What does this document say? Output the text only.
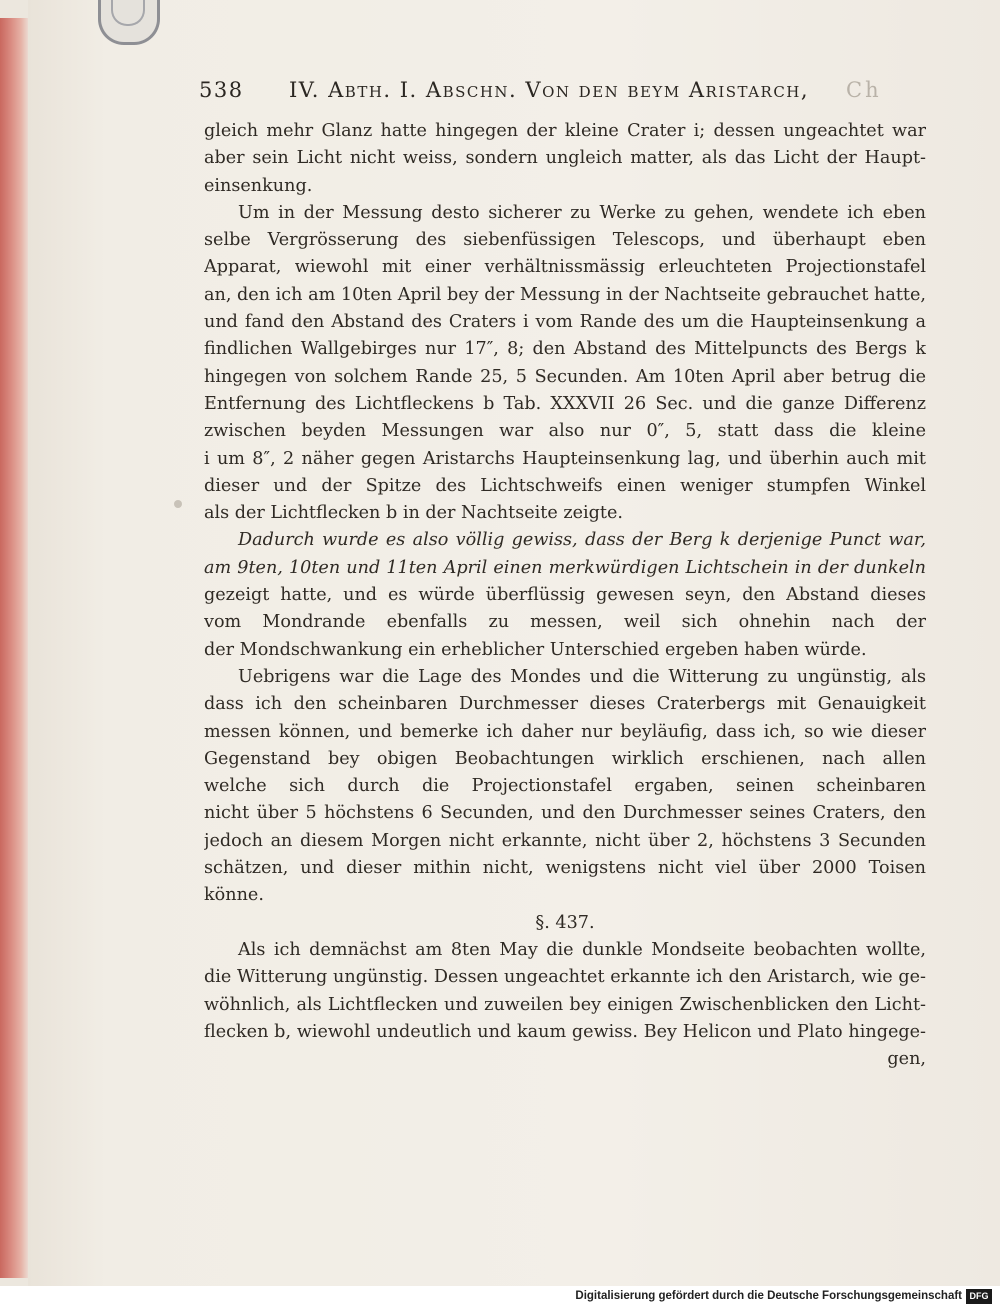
538 IV. Abth. I. Abschn. Von den beym Aristarch, Ch
gleich mehr Glanz hatte hingegen der kleine Crater i; dessen ungeachtet war
aber sein Licht nicht weiss, sondern ungleich matter, als das Licht der Haupt-
einsenkung.
Um in der Messung desto sicherer zu Werke zu gehen, wendete ich eben
selbe Vergrösserung des siebenfüssigen Telescops, und überhaupt eben
Apparat, wiewohl mit einer verhältnissmässig erleuchteten Projectionstafel
an, den ich am 10ten April bey der Messung in der Nachtseite gebrauchet hatte,
und fand den Abstand des Craters i vom Rande des um die Haupteinsenkung a
findlichen Wallgebirges nur 17″, 8; den Abstand des Mittelpuncts des Bergs k
hingegen von solchem Rande 25, 5 Secunden. Am 10ten April aber betrug die
Entfernung des Lichtfleckens b Tab. XXXVII 26 Sec. und die ganze Differenz
zwischen beyden Messungen war also nur 0″, 5, statt dass die kleine
i um 8″, 2 näher gegen Aristarchs Haupteinsenkung lag, und überhin auch mit
dieser und der Spitze des Lichtschweifs einen weniger stumpfen Winkel
als der Lichtflecken b in der Nachtseite zeigte.
Dadurch wurde es also völlig gewiss, dass der Berg k derjenige Punct war,
am 9ten, 10ten und 11ten April einen merkwürdigen Lichtschein in der dunkeln
gezeigt hatte, und es würde überflüssig gewesen seyn, den Abstand dieses
vom Mondrande ebenfalls zu messen, weil sich ohnehin nach der
der Mondschwankung ein erheblicher Unterschied ergeben haben würde.
Uebrigens war die Lage des Mondes und die Witterung zu ungünstig, als
dass ich den scheinbaren Durchmesser dieses Craterbergs mit Genauigkeit
messen können, und bemerke ich daher nur beyläufig, dass ich, so wie dieser
Gegenstand bey obigen Beobachtungen wirklich erschienen, nach allen
welche sich durch die Projectionstafel ergaben, seinen scheinbaren
nicht über 5 höchstens 6 Secunden, und den Durchmesser seines Craters, den
jedoch an diesem Morgen nicht erkannte, nicht über 2, höchstens 3 Secunden
schätzen, und dieser mithin nicht, wenigstens nicht viel über 2000 Toisen
könne.
§. 437.
Als ich demnächst am 8ten May die dunkle Mondseite beobachten wollte,
die Witterung ungünstig. Dessen ungeachtet erkannte ich den Aristarch, wie ge-
wöhnlich, als Lichtflecken und zuweilen bey einigen Zwischenblicken den Licht-
flecken b, wiewohl undeutlich und kaum gewiss. Bey Helicon und Plato hingege-
gen,
Digitalisierung gefördert durch die Deutsche Forschungsgemeinschaft DFG
